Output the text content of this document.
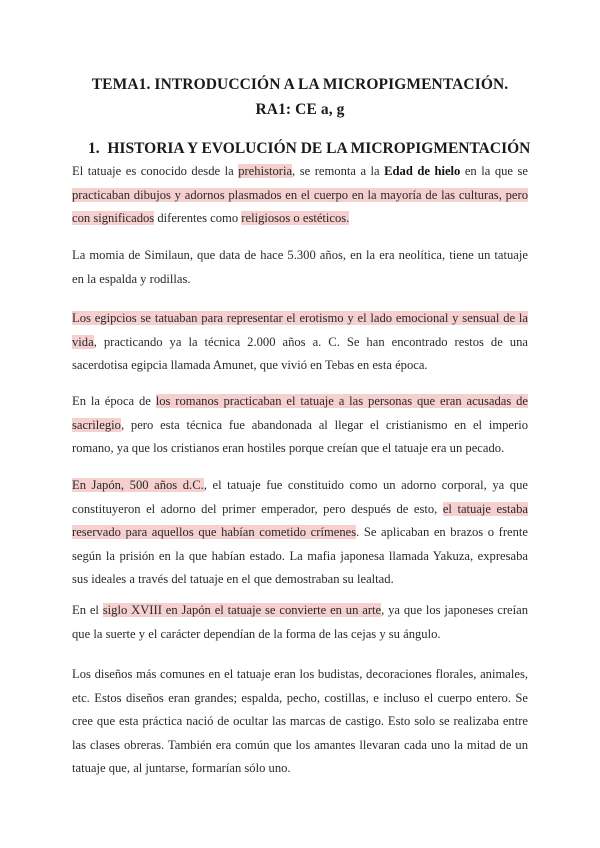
TEMA1. INTRODUCCIÓN A LA MICROPIGMENTACIÓN.
RA1: CE a, g
1. HISTORIA Y EVOLUCIÓN DE LA MICROPIGMENTACIÓN
El tatuaje es conocido desde la prehistoria, se remonta a la Edad de hielo en la que se practicaban dibujos y adornos plasmados en el cuerpo en la mayoría de las culturas, pero con significados diferentes como religiosos o estéticos.
La momia de Similaun, que data de hace 5.300 años, en la era neolítica, tiene un tatuaje en la espalda y rodillas.
Los egipcios se tatuaban para representar el erotismo y el lado emocional y sensual de la vida, practicando ya la técnica 2.000 años a. C. Se han encontrado restos de una sacerdotisa egipcia llamada Amunet, que vivió en Tebas en esta época.
En la época de los romanos practicaban el tatuaje a las personas que eran acusadas de sacrilegio, pero esta técnica fue abandonada al llegar el cristianismo en el imperio romano, ya que los cristianos eran hostiles porque creían que el tatuaje era un pecado.
En Japón, 500 años d.C., el tatuaje fue constituido como un adorno corporal, ya que constituyeron el adorno del primer emperador, pero después de esto, el tatuaje estaba reservado para aquellos que habían cometido crímenes. Se aplicaban en brazos o frente según la prisión en la que habían estado. La mafia japonesa llamada Yakuza, expresaba sus ideales a través del tatuaje en el que demostraban su lealtad.
En el siglo XVIII en Japón el tatuaje se convierte en un arte, ya que los japoneses creían que la suerte y el carácter dependían de la forma de las cejas y su ángulo.
Los diseños más comunes en el tatuaje eran los budistas, decoraciones florales, animales, etc. Estos diseños eran grandes; espalda, pecho, costillas, e incluso el cuerpo entero. Se cree que esta práctica nació de ocultar las marcas de castigo. Esto solo se realizaba entre las clases obreras. También era común que los amantes llevaran cada uno la mitad de un tatuaje que, al juntarse, formarían sólo uno.
